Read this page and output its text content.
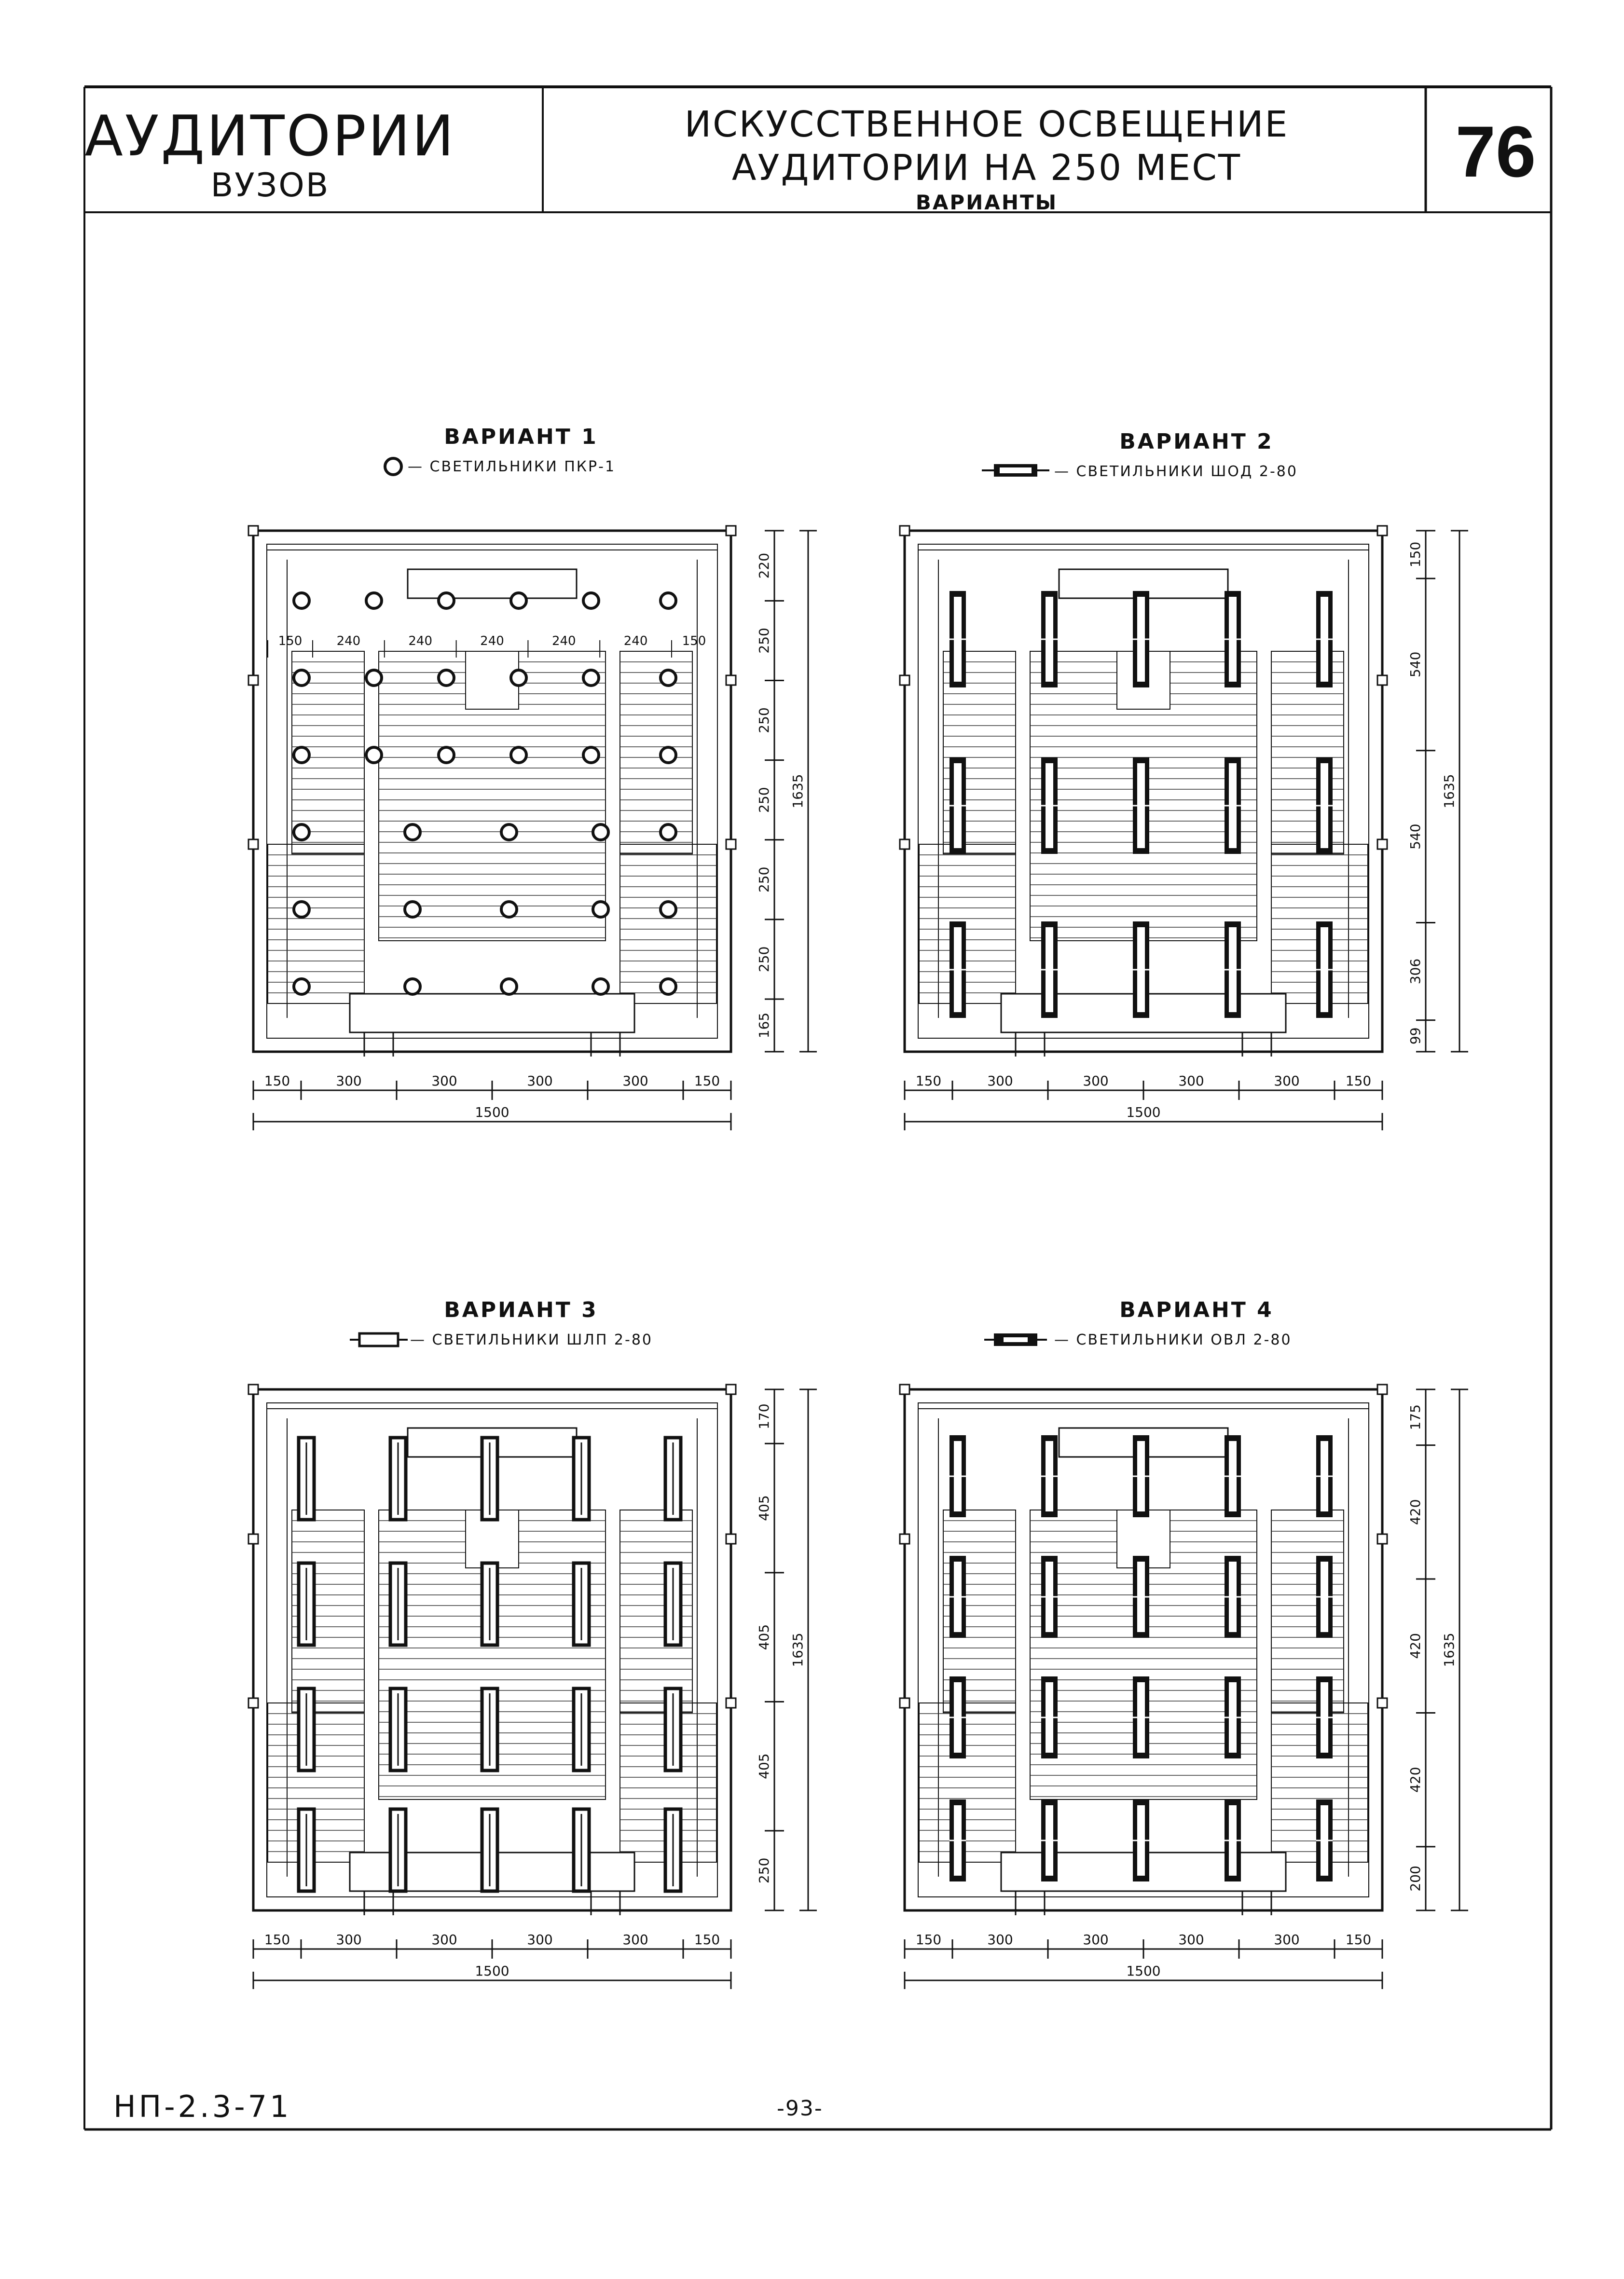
АУДИТОРИИ
ВУЗОВ
ИСКУССТВЕННОЕ ОСВЕЩЕНИЕ
АУДИТОРИИ НА 250 МЕСТ
ВАРИАНТЫ
76
ВАРИАНТ 1
— СВЕТИЛЬНИКИ ПКР-1
ВАРИАНТ 2
— СВЕТИЛЬНИКИ ШОД 2-80
ВАРИАНТ 3
— СВЕТИЛЬНИКИ ШЛП 2-80
ВАРИАНТ 4
— СВЕТИЛЬНИКИ ОВЛ 2-80
150	300	300	300	300	150
1500
220
250
250
250
250
250
165
1635
150	240	240	240	240	240	150
150	300	300	300	300	150
1500
150
540
540
306
99
1635
150	300	300	300	300	150
1500
170
405
405
405
250
1635
150	300	300	300	300	150
1500
175
420
420
420
200
1635
НП-2.3-71	-93-
